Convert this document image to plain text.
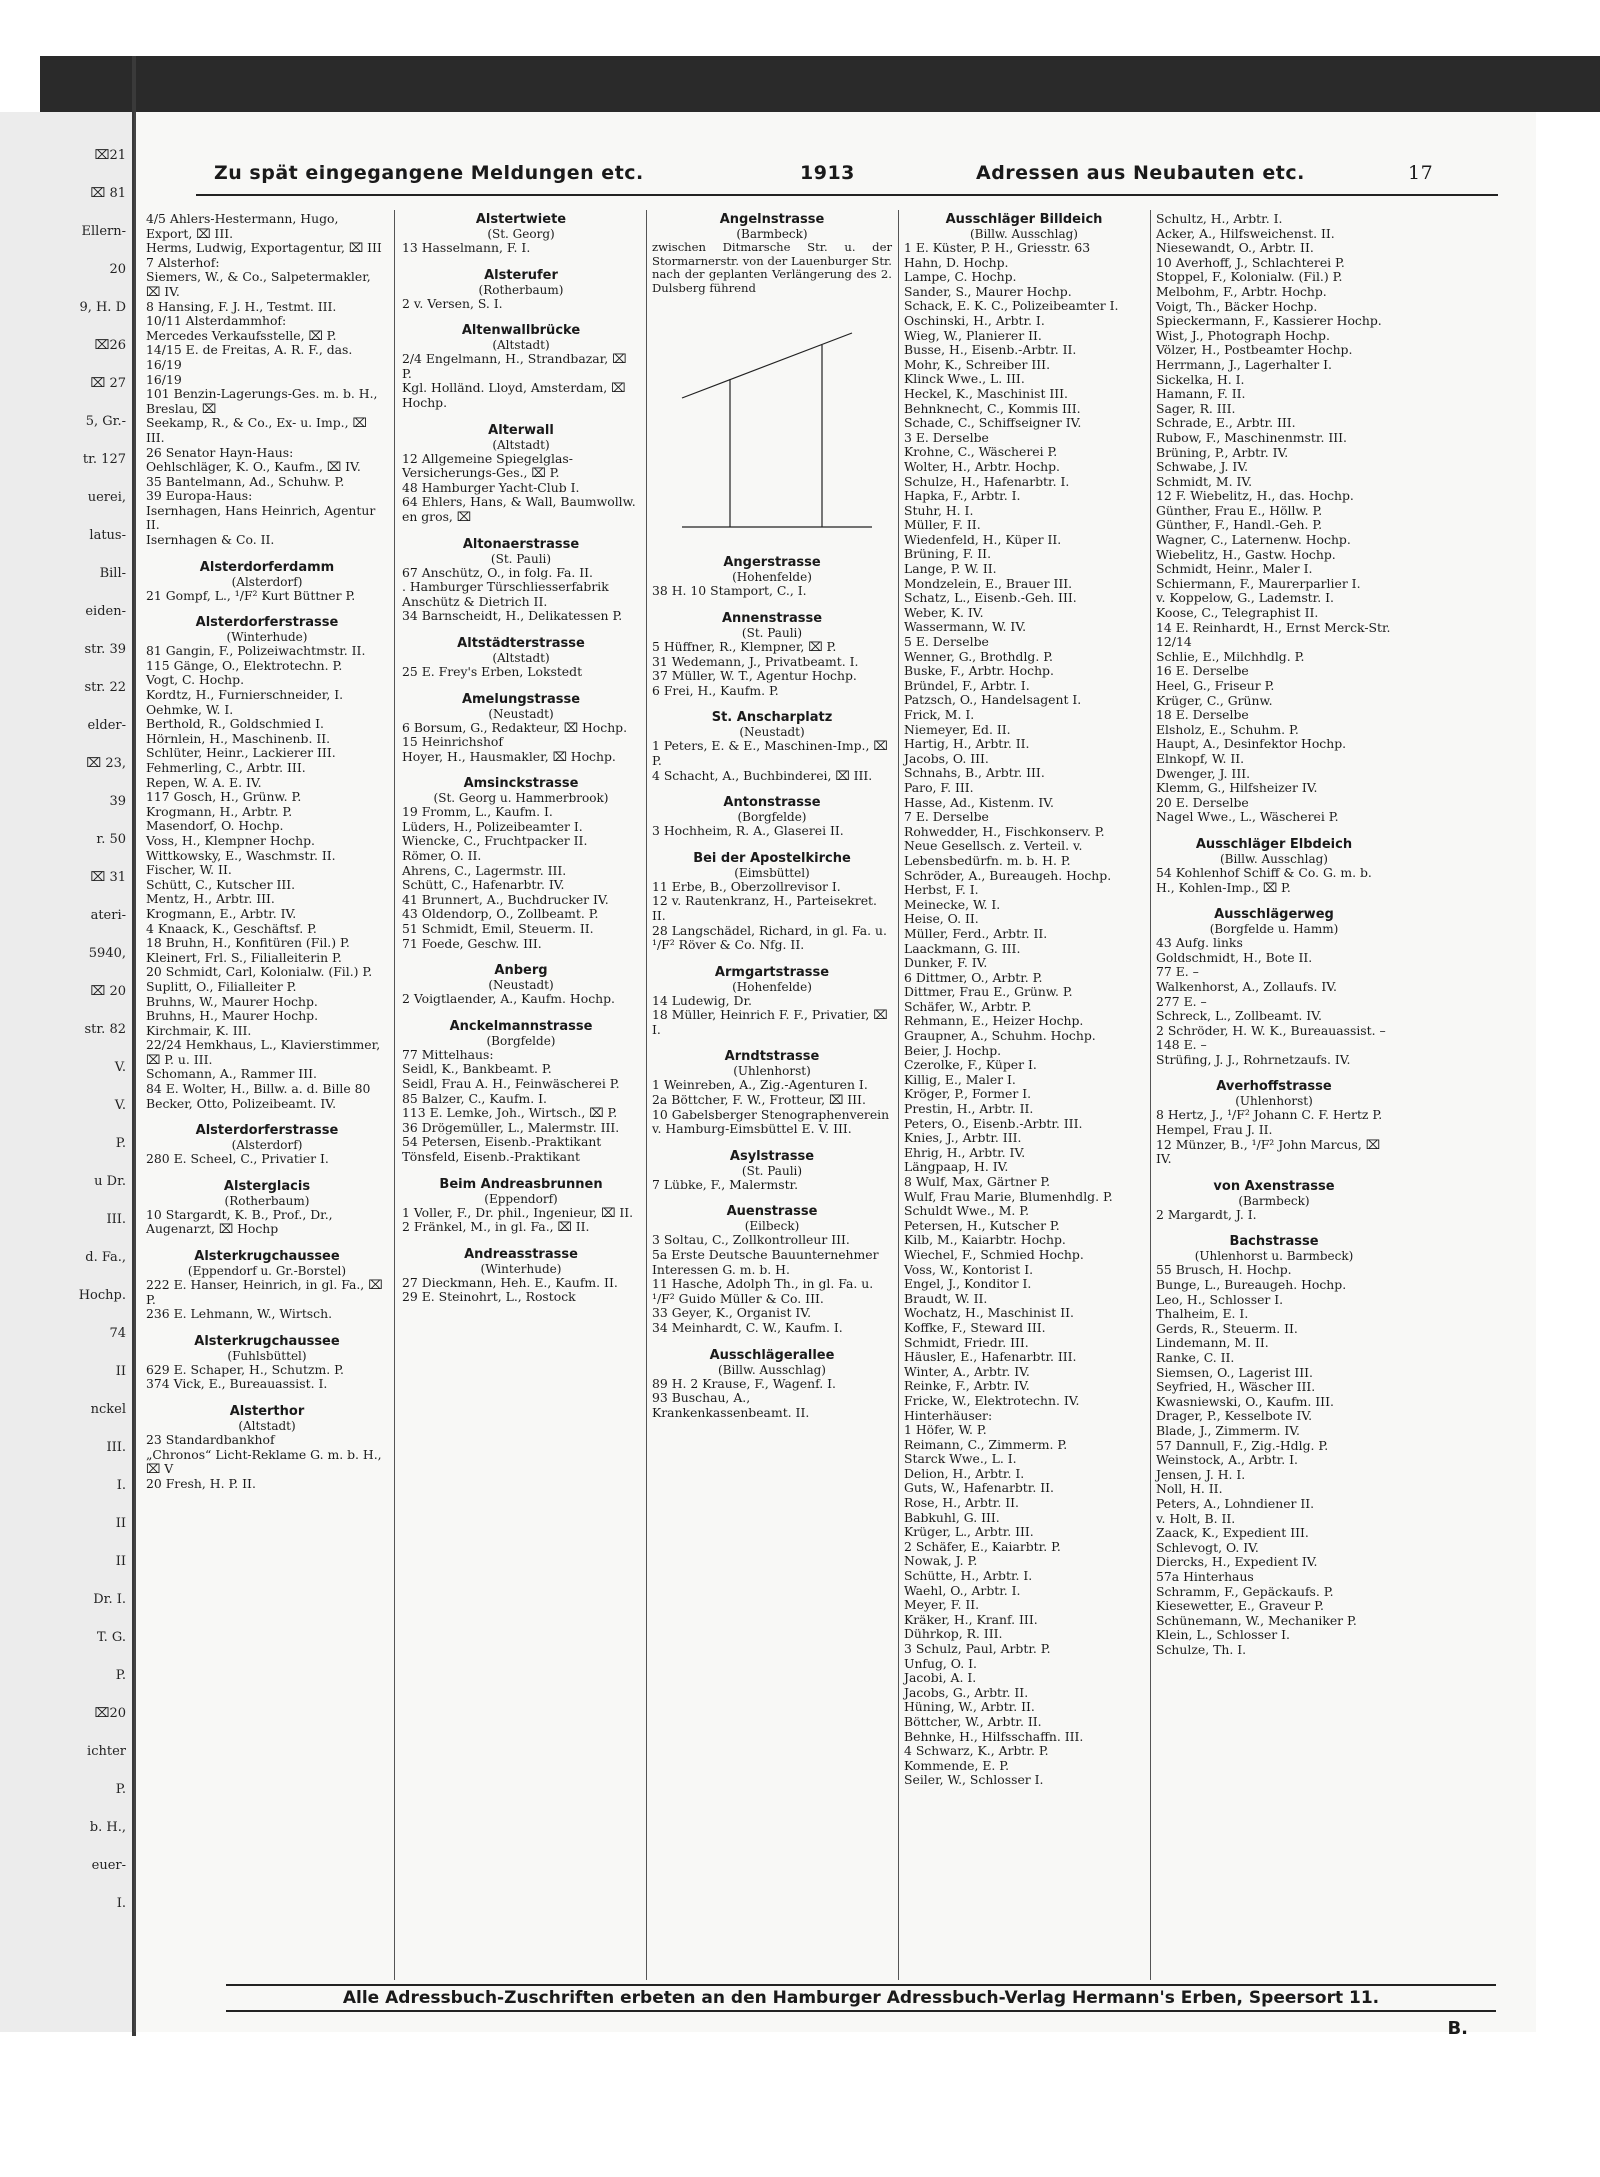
⌧21
⌧ 81
Ellern-
20
9, H. D
⌧26
⌧ 27
5, Gr.-
tr. 127
uerei,
latus-
Bill-
eiden-
str. 39
str. 22
elder-
⌧ 23,
39
r. 50
⌧ 31
ateri-
5940,
⌧ 20
str. 82
V.
V.
P.
u Dr.
III.
d. Fa.,
Hochp.
74
II
nckel
III.
I.
II
II
Dr. I.
T. G.
P.
⌧20
ichter
P.
b. H.,
euer-
I.
Zu spät eingegangene Meldungen etc.	1913	Adressen aus Neubauten etc.	17
4/5 Ahlers-Hestermann, Hugo, Export, ⌧ III.
Herms, Ludwig, Exportagentur, ⌧ III
7 Alsterhof:
Siemers, W., & Co., Salpetermakler, ⌧ IV.
8 Hansing, F. J. H., Testmt. III.
10/11 Alsterdammhof:
Mercedes Verkaufsstelle, ⌧ P.
14/15 E. de Freitas, A. R. F., das. 16/19
16/19
101 Benzin-Lagerungs-Ges. m. b. H., Breslau, ⌧
Seekamp, R., & Co., Ex- u. Imp., ⌧ III.
26 Senator Hayn-Haus:
Oehlschläger, K. O., Kaufm., ⌧ IV.
35 Bantelmann, Ad., Schuhw. P.
39 Europa-Haus:
Isernhagen, Hans Heinrich, Agentur II.
Isernhagen & Co. II.
Alsterdorferdamm
(Alsterdorf)
21 Gompf, L., ¹/F² Kurt Büttner P.
Alsterdorferstrasse
(Winterhude)
81 Gangin, F., Polizeiwachtmstr. II.
115 Gänge, O., Elektrotechn. P.
Vogt, C. Hochp.
Kordtz, H., Furnierschneider, I.
Oehmke, W. I.
Berthold, R., Goldschmied I.
Hörnlein, H., Maschinenb. II.
Schlüter, Heinr., Lackierer III.
Fehmerling, C., Arbtr. III.
Repen, W. A. E. IV.
117 Gosch, H., Grünw. P.
Krogmann, H., Arbtr. P.
Masendorf, O. Hochp.
Voss, H., Klempner Hochp.
Wittkowsky, E., Waschmstr. II.
Fischer, W. II.
Schütt, C., Kutscher III.
Mentz, H., Arbtr. III.
Krogmann, E., Arbtr. IV.
4 Knaack, K., Geschäftsf. P.
18 Bruhn, H., Konfitüren (Fil.) P.
Kleinert, Frl. S., Filialleiterin P.
20 Schmidt, Carl, Kolonialw. (Fil.) P.
Suplitt, O., Filialleiter P.
Bruhns, W., Maurer Hochp.
Bruhns, H., Maurer Hochp.
Kirchmair, K. III.
22/24 Hemkhaus, L., Klavierstimmer, ⌧ P. u. III.
Schomann, A., Rammer III.
84 E. Wolter, H., Billw. a. d. Bille 80
Becker, Otto, Polizeibeamt. IV.
Alsterdorferstrasse
(Alsterdorf)
280 E. Scheel, C., Privatier I.
Alsterglacis
(Rotherbaum)
10 Stargardt, K. B., Prof., Dr., Augenarzt, ⌧ Hochp
Alsterkrugchaussee
(Eppendorf u. Gr.-Borstel)
222 E. Hanser, Heinrich, in gl. Fa., ⌧ P.
236 E. Lehmann, W., Wirtsch.
Alsterkrugchaussee
(Fuhlsbüttel)
629 E. Schaper, H., Schutzm. P.
374 Vick, E., Bureauassist. I.
Alsterthor
(Altstadt)
23 Standardbankhof
„Chronos“ Licht-Reklame G. m. b. H., ⌧ V
20 Fresh, H. P. II.
Alstertwiete
(St. Georg)
13 Hasselmann, F. I.
Alsterufer
(Rotherbaum)
2 v. Versen, S. I.
Altenwallbrücke
(Altstadt)
2/4 Engelmann, H., Strandbazar, ⌧ P.
Kgl. Holländ. Lloyd, Amsterdam, ⌧ Hochp.
Alterwall
(Altstadt)
12 Allgemeine Spiegelglas-Versicherungs-Ges., ⌧ P.
48 Hamburger Yacht-Club I.
64 Ehlers, Hans, & Wall, Baumwollw. en gros, ⌧
Altonaerstrasse
(St. Pauli)
67 Anschütz, O., in folg. Fa. II.
. Hamburger Türschliesserfabrik Anschütz & Dietrich II.
34 Barnscheidt, H., Delikatessen P.
Altstädterstrasse
(Altstadt)
25 E. Frey's Erben, Lokstedt
Amelungstrasse
(Neustadt)
6 Borsum, G., Redakteur, ⌧ Hochp.
15 Heinrichshof
Hoyer, H., Hausmakler, ⌧ Hochp.
Amsinckstrasse
(St. Georg u. Hammerbrook)
19 Fromm, L., Kaufm. I.
Lüders, H., Polizeibeamter I.
Wiencke, C., Fruchtpacker II.
Römer, O. II.
Ahrens, C., Lagermstr. III.
Schütt, C., Hafenarbtr. IV.
41 Brunnert, A., Buchdrucker IV.
43 Oldendorp, O., Zollbeamt. P.
51 Schmidt, Emil, Steuerm. II.
71 Foede, Geschw. III.
Anberg
(Neustadt)
2 Voigtlaender, A., Kaufm. Hochp.
Anckelmannstrasse
(Borgfelde)
77 Mittelhaus:
Seidl, K., Bankbeamt. P.
Seidl, Frau A. H., Feinwäscherei P.
85 Balzer, C., Kaufm. I.
113 E. Lemke, Joh., Wirtsch., ⌧ P.
36 Drögemüller, L., Malermstr. III.
54 Petersen, Eisenb.-Praktikant
Tönsfeld, Eisenb.-Praktikant
Beim Andreasbrunnen
(Eppendorf)
1 Voller, F., Dr. phil., Ingenieur, ⌧ II.
2 Fränkel, M., in gl. Fa., ⌧ II.
Andreasstrasse
(Winterhude)
27 Dieckmann, Heh. E., Kaufm. II.
29 E. Steinohrt, L., Rostock
Angelnstrasse
(Barmbeck)
zwischen Ditmarsche Str. u. der Stormarnerstr. von der Lauenburger Str. nach der geplanten Verlängerung des 2. Dulsberg führend
Angerstrasse
(Hohenfelde)
38 H. 10 Stamport, C., I.
Annenstrasse
(St. Pauli)
5 Hüffner, R., Klempner, ⌧ P.
31 Wedemann, J., Privatbeamt. I.
37 Müller, W. T., Agentur Hochp.
6 Frei, H., Kaufm. P.
St. Anscharplatz
(Neustadt)
1 Peters, E. & E., Maschinen-Imp., ⌧ P.
4 Schacht, A., Buchbinderei, ⌧ III.
Antonstrasse
(Borgfelde)
3 Hochheim, R. A., Glaserei II.
Bei der Apostelkirche
(Eimsbüttel)
11 Erbe, B., Oberzollrevisor I.
12 v. Rautenkranz, H., Parteisekret. II.
28 Langschädel, Richard, in gl. Fa. u. ¹/F² Röver & Co. Nfg. II.
Armgartstrasse
(Hohenfelde)
14 Ludewig, Dr.
18 Müller, Heinrich F. F., Privatier, ⌧ I.
Arndtstrasse
(Uhlenhorst)
1 Weinreben, A., Zig.-Agenturen I.
2a Böttcher, F. W., Frotteur, ⌧ III.
10 Gabelsberger Stenographenverein v. Hamburg-Eimsbüttel E. V. III.
Asylstrasse
(St. Pauli)
7 Lübke, F., Malermstr.
Auenstrasse
(Eilbeck)
3 Soltau, C., Zollkontrolleur III.
5a Erste Deutsche Bauunternehmer Interessen G. m. b. H.
11 Hasche, Adolph Th., in gl. Fa. u. ¹/F² Guido Müller & Co. III.
33 Geyer, K., Organist IV.
34 Meinhardt, C. W., Kaufm. I.
Ausschlägerallee
(Billw. Ausschlag)
89 H. 2 Krause, F., Wagenf. I.
93 Buschau, A., Krankenkassenbeamt. II.
Ausschläger Billdeich
(Billw. Ausschlag)
1 E. Küster, P. H., Griesstr. 63
Hahn, D. Hochp.
Lampe, C. Hochp.
Sander, S., Maurer Hochp.
Schack, E. K. C., Polizeibeamter I.
Oschinski, H., Arbtr. I.
Wieg, W., Planierer II.
Busse, H., Eisenb.-Arbtr. II.
Mohr, K., Schreiber III.
Klinck Wwe., L. III.
Heckel, K., Maschinist III.
Behnknecht, C., Kommis III.
Schade, C., Schiffseigner IV.
3 E. Derselbe
Krohne, C., Wäscherei P.
Wolter, H., Arbtr. Hochp.
Schulze, H., Hafenarbtr. I.
Hapka, F., Arbtr. I.
Stuhr, H. I.
Müller, F. II.
Wiedenfeld, H., Küper II.
Brüning, F. II.
Lange, P. W. II.
Mondzelein, E., Brauer III.
Schatz, L., Eisenb.-Geh. III.
Weber, K. IV.
Wassermann, W. IV.
5 E. Derselbe
Wenner, G., Brothdlg. P.
Buske, F., Arbtr. Hochp.
Bründel, F., Arbtr. I.
Patzsch, O., Handelsagent I.
Frick, M. I.
Niemeyer, Ed. II.
Hartig, H., Arbtr. II.
Jacobs, O. III.
Schnahs, B., Arbtr. III.
Paro, F. III.
Hasse, Ad., Kistenm. IV.
7 E. Derselbe
Rohwedder, H., Fischkonserv. P.
Neue Gesellsch. z. Verteil. v. Lebensbedürfn. m. b. H. P.
Schröder, A., Bureaugeh. Hochp.
Herbst, F. I.
Meinecke, W. I.
Heise, O. II.
Müller, Ferd., Arbtr. II.
Laackmann, G. III.
Dunker, F. IV.
6 Dittmer, O., Arbtr. P.
Dittmer, Frau E., Grünw. P.
Schäfer, W., Arbtr. P.
Rehmann, E., Heizer Hochp.
Graupner, A., Schuhm. Hochp.
Beier, J. Hochp.
Czerolke, F., Küper I.
Killig, E., Maler I.
Kröger, P., Former I.
Prestin, H., Arbtr. II.
Peters, O., Eisenb.-Arbtr. III.
Knies, J., Arbtr. III.
Ehrig, H., Arbtr. IV.
Längpaap, H. IV.
8 Wulf, Max, Gärtner P.
Wulf, Frau Marie, Blumenhdlg. P.
Schuldt Wwe., M. P.
Petersen, H., Kutscher P.
Kilb, M., Kaiarbtr. Hochp.
Wiechel, F., Schmied Hochp.
Voss, W., Kontorist I.
Engel, J., Konditor I.
Braudt, W. II.
Wochatz, H., Maschinist II.
Koffke, F., Steward III.
Schmidt, Friedr. III.
Häusler, E., Hafenarbtr. III.
Winter, A., Arbtr. IV.
Reinke, F., Arbtr. IV.
Fricke, W., Elektrotechn. IV.
Hinterhäuser:
1 Höfer, W. P.
Reimann, C., Zimmerm. P.
Starck Wwe., L. I.
Delion, H., Arbtr. I.
Guts, W., Hafenarbtr. II.
Rose, H., Arbtr. II.
Babkuhl, G. III.
Krüger, L., Arbtr. III.
2 Schäfer, E., Kaiarbtr. P.
Nowak, J. P.
Schütte, H., Arbtr. I.
Waehl, O., Arbtr. I.
Meyer, F. II.
Kräker, H., Kranf. III.
Dührkop, R. III.
3 Schulz, Paul, Arbtr. P.
Unfug, O. I.
Jacobi, A. I.
Jacobs, G., Arbtr. II.
Hüning, W., Arbtr. II.
Böttcher, W., Arbtr. II.
Behnke, H., Hilfsschaffn. III.
4 Schwarz, K., Arbtr. P.
Kommende, E. P.
Seiler, W., Schlosser I.
Schultz, H., Arbtr. I.
Acker, A., Hilfsweichenst. II.
Niesewandt, O., Arbtr. II.
10 Averhoff, J., Schlachterei P.
Stoppel, F., Kolonialw. (Fil.) P.
Melbohm, F., Arbtr. Hochp.
Voigt, Th., Bäcker Hochp.
Spieckermann, F., Kassierer Hochp.
Wist, J., Photograph Hochp.
Völzer, H., Postbeamter Hochp.
Herrmann, J., Lagerhalter I.
Sickelka, H. I.
Hamann, F. II.
Sager, R. III.
Schrade, E., Arbtr. III.
Rubow, F., Maschinenmstr. III.
Brüning, P., Arbtr. IV.
Schwabe, J. IV.
Schmidt, M. IV.
12 F. Wiebelitz, H., das. Hochp.
Günther, Frau E., Höllw. P.
Günther, F., Handl.-Geh. P.
Wagner, C., Laternenw. Hochp.
Wiebelitz, H., Gastw. Hochp.
Schmidt, Heinr., Maler I.
Schiermann, F., Maurerparlier I.
v. Koppelow, G., Lademstr. I.
Koose, C., Telegraphist II.
14 E. Reinhardt, H., Ernst Merck-Str. 12/14
Schlie, E., Milchhdlg. P.
16 E. Derselbe
Heel, G., Friseur P.
Krüger, C., Grünw.
18 E. Derselbe
Elsholz, E., Schuhm. P.
Haupt, A., Desinfektor Hochp.
Elnkopf, W. II.
Dwenger, J. III.
Klemm, G., Hilfsheizer IV.
20 E. Derselbe
Nagel Wwe., L., Wäscherei P.
Ausschläger Elbdeich
(Billw. Ausschlag)
54 Kohlenhof Schiff & Co. G. m. b. H., Kohlen-Imp., ⌧ P.
Ausschlägerweg
(Borgfelde u. Hamm)
43 Aufg. links
Goldschmidt, H., Bote II.
77 E. –
Walkenhorst, A., Zollaufs. IV.
277 E. –
Schreck, L., Zollbeamt. IV.
2 Schröder, H. W. K., Bureauassist. –
148 E. –
Strüfing, J. J., Rohrnetzaufs. IV.
Averhoffstrasse
(Uhlenhorst)
8 Hertz, J., ¹/F² Johann C. F. Hertz P.
Hempel, Frau J. II.
12 Münzer, B., ¹/F² John Marcus, ⌧ IV.
von Axenstrasse
(Barmbeck)
2 Margardt, J. I.
Bachstrasse
(Uhlenhorst u. Barmbeck)
55 Brusch, H. Hochp.
Bunge, L., Bureaugeh. Hochp.
Leo, H., Schlosser I.
Thalheim, E. I.
Gerds, R., Steuerm. II.
Lindemann, M. II.
Ranke, C. II.
Siemsen, O., Lagerist III.
Seyfried, H., Wäscher III.
Kwasniewski, O., Kaufm. III.
Drager, P., Kesselbote IV.
Blade, J., Zimmerm. IV.
57 Dannull, F., Zig.-Hdlg. P.
Weinstock, A., Arbtr. I.
Jensen, J. H. I.
Noll, H. II.
Peters, A., Lohndiener II.
v. Holt, B. II.
Zaack, K., Expedient III.
Schlevogt, O. IV.
Diercks, H., Expedient IV.
57a Hinterhaus
Schramm, F., Gepäckaufs. P.
Kiesewetter, E., Graveur P.
Schünemann, W., Mechaniker P.
Klein, L., Schlosser I.
Schulze, Th. I.
Alle Adressbuch-Zuschriften erbeten an den Hamburger Adressbuch-Verlag Hermann's Erben, Speersort 11.
B.
